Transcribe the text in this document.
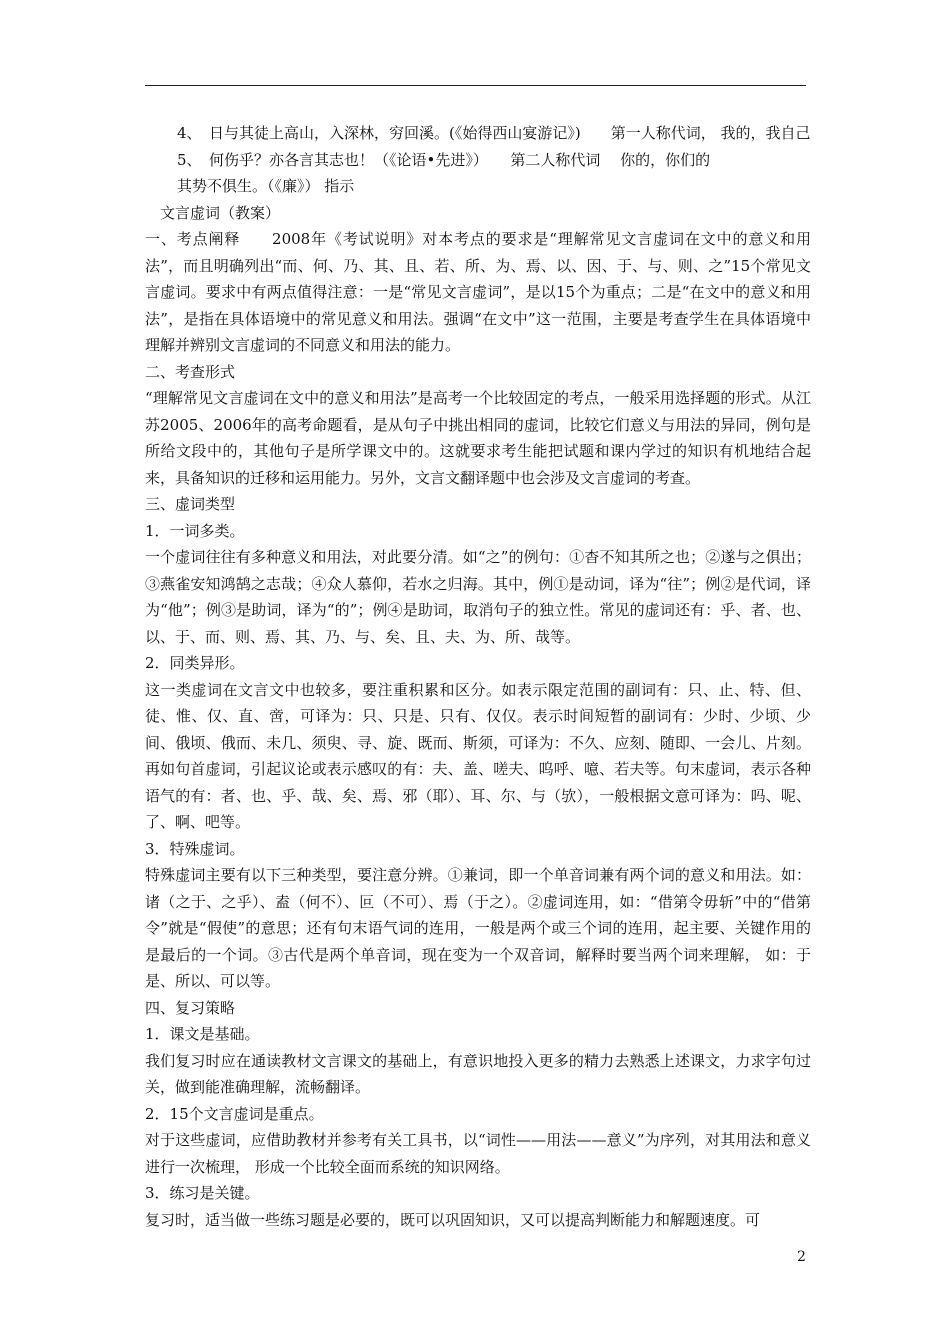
4、　日与其徒上高山，入深林，穷回溪。(《始得西山宴游记》)　　第一人称代词， 我的，我自己

5、　何伤乎？亦各言其志也！（《论语•先进》）　　第二人称代词　 你的，你们的

其势不俱生。（《廉》） 指示

文言虚词（教案）

一、考点阐释　　2008年《考试说明》对本考点的要求是“理解常见文言虚词在文中的意义和用法”，而且明确列出“而、何、乃、其、且、若、所、为、焉、以、因、于、与、则、之”15个常见文言虚词。要求中有两点值得注意：一是“常见文言虚词”，是以15个为重点；二是“在文中的意义和用法”，是指在具体语境中的常见意义和用法。强调“在文中”这一范围，主要是考查学生在具体语境中理解并辨别文言虚词的不同意义和用法的能力。

二、考查形式

“理解常见文言虚词在文中的意义和用法”是高考一个比较固定的考点，一般采用选择题的形式。从江苏2005、2006年的高考命题看，是从句子中挑出相同的虚词，比较它们意义与用法的异同，例句是所给文段中的，其他句子是所学课文中的。这就要求考生能把试题和课内学过的知识有机地结合起来，具备知识的迁移和运用能力。另外，文言文翻译题中也会涉及文言虚词的考查。

三、虚词类型

1．一词多类。

一个虚词往往有多种意义和用法，对此要分清。如“之”的例句：①杳不知其所之也；②遂与之俱出；③燕雀安知鸿鹄之志哉；④众人慕仰，若水之归海。其中，例①是动词，译为“往”；例②是代词，译为“他”；例③是助词，译为“的”；例④是助词，取消句子的独立性。常见的虚词还有：乎、者、也、以、于、而、则、焉、其、乃、与、矣、且、夫、为、所、哉等。

2．同类异形。

这一类虚词在文言文中也较多，要注重积累和区分。如表示限定范围的副词有：只、止、特、但、徒、惟、仅、直、啻，可译为：只、只是、只有、仅仅。表示时间短暂的副词有：少时、少顷、少间、俄顷、俄而、未几、须臾、寻、旋、既而、斯须，可译为：不久、应刻、随即、一会儿、片刻。再如句首虚词，引起议论或表示感叹的有：夫、盖、嗟夫、呜呼、噫、若夫等。句末虚词，表示各种语气的有：者、也、乎、哉、矣、焉、邪（耶）、耳、尔、与（欤），一般根据文意可译为：吗、呢、了、啊、吧等。

3．特殊虚词。

特殊虚词主要有以下三种类型，要注意分辨。①兼词，即一个单音词兼有两个词的意义和用法。如：诸（之于、之乎）、盍（何不）、叵（不可）、焉（于之）。②虚词连用，如：“借第令毋斩”中的“借第令”就是“假使”的意思；还有句末语气词的连用，一般是两个或三个词的连用，起主要、关键作用的是最后的一个词。③古代是两个单音词，现在变为一个双音词，解释时要当两个词来理解， 如：于是、所以、可以等。

四、复习策略

1．课文是基础。

我们复习时应在通读教材文言课文的基础上，有意识地投入更多的精力去熟悉上述课文，力求字句过关，做到能准确理解，流畅翻译。

2．15个文言虚词是重点。

对于这些虚词，应借助教材并参考有关工具书，以“词性——用法——意义”为序列，对其用法和意义进行一次梳理， 形成一个比较全面而系统的知识网络。

3．练习是关键。

复习时，适当做一些练习题是必要的，既可以巩固知识，又可以提高判断能力和解题速度。可

2
